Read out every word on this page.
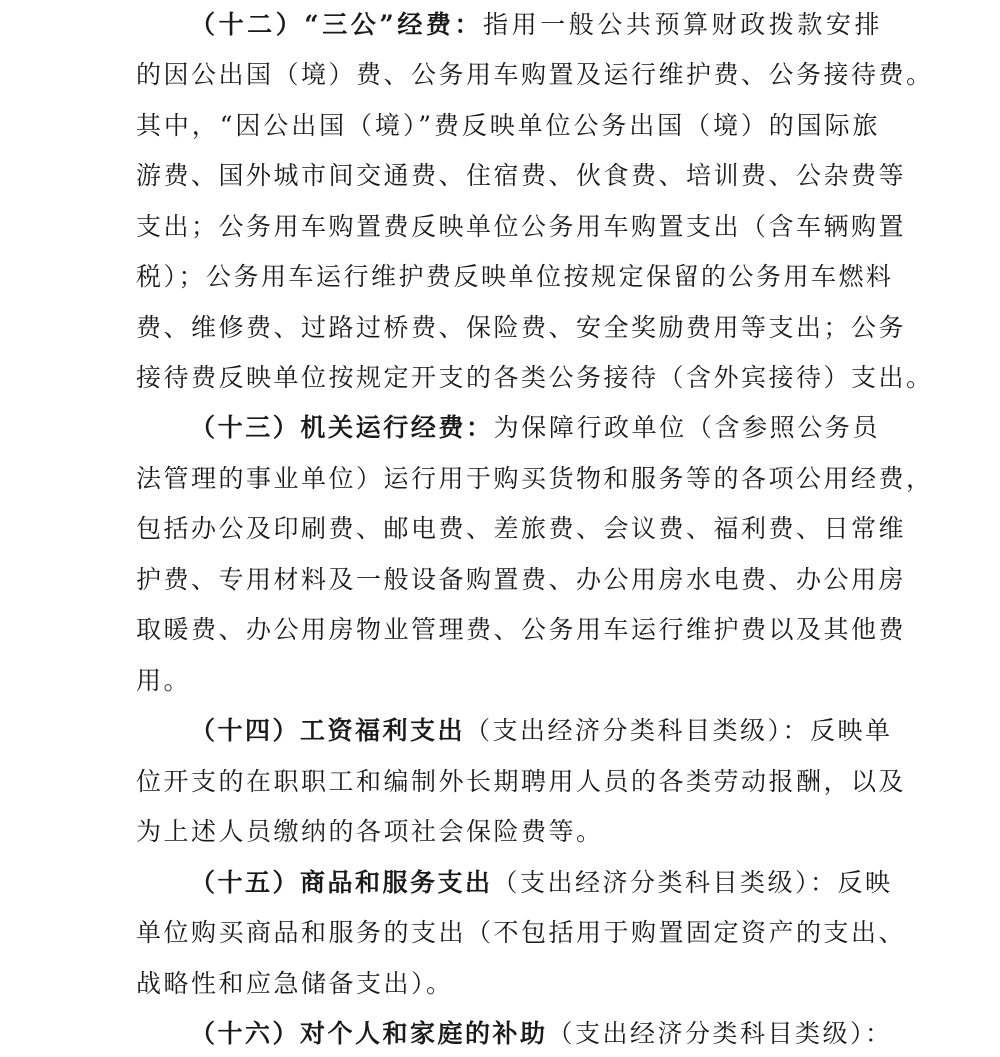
（十二）“三公”经费：指用一般公共预算财政拨款安排
的因公出国（境）费、公务用车购置及运行维护费、公务接待费。
其中，“因公出国（境）”费反映单位公务出国（境）的国际旅
游费、国外城市间交通费、住宿费、伙食费、培训费、公杂费等
支出；公务用车购置费反映单位公务用车购置支出（含车辆购置
税）；公务用车运行维护费反映单位按规定保留的公务用车燃料
费、维修费、过路过桥费、保险费、安全奖励费用等支出；公务
接待费反映单位按规定开支的各类公务接待（含外宾接待）支出。
（十三）机关运行经费：为保障行政单位（含参照公务员
法管理的事业单位）运行用于购买货物和服务等的各项公用经费，
包括办公及印刷费、邮电费、差旅费、会议费、福利费、日常维
护费、专用材料及一般设备购置费、办公用房水电费、办公用房
取暖费、办公用房物业管理费、公务用车运行维护费以及其他费
用。
（十四）工资福利支出（支出经济分类科目类级）：反映单
位开支的在职职工和编制外长期聘用人员的各类劳动报酬，以及
为上述人员缴纳的各项社会保险费等。
（十五）商品和服务支出（支出经济分类科目类级）：反映
单位购买商品和服务的支出（不包括用于购置固定资产的支出、
战略性和应急储备支出）。
（十六）对个人和家庭的补助（支出经济分类科目类级）：
